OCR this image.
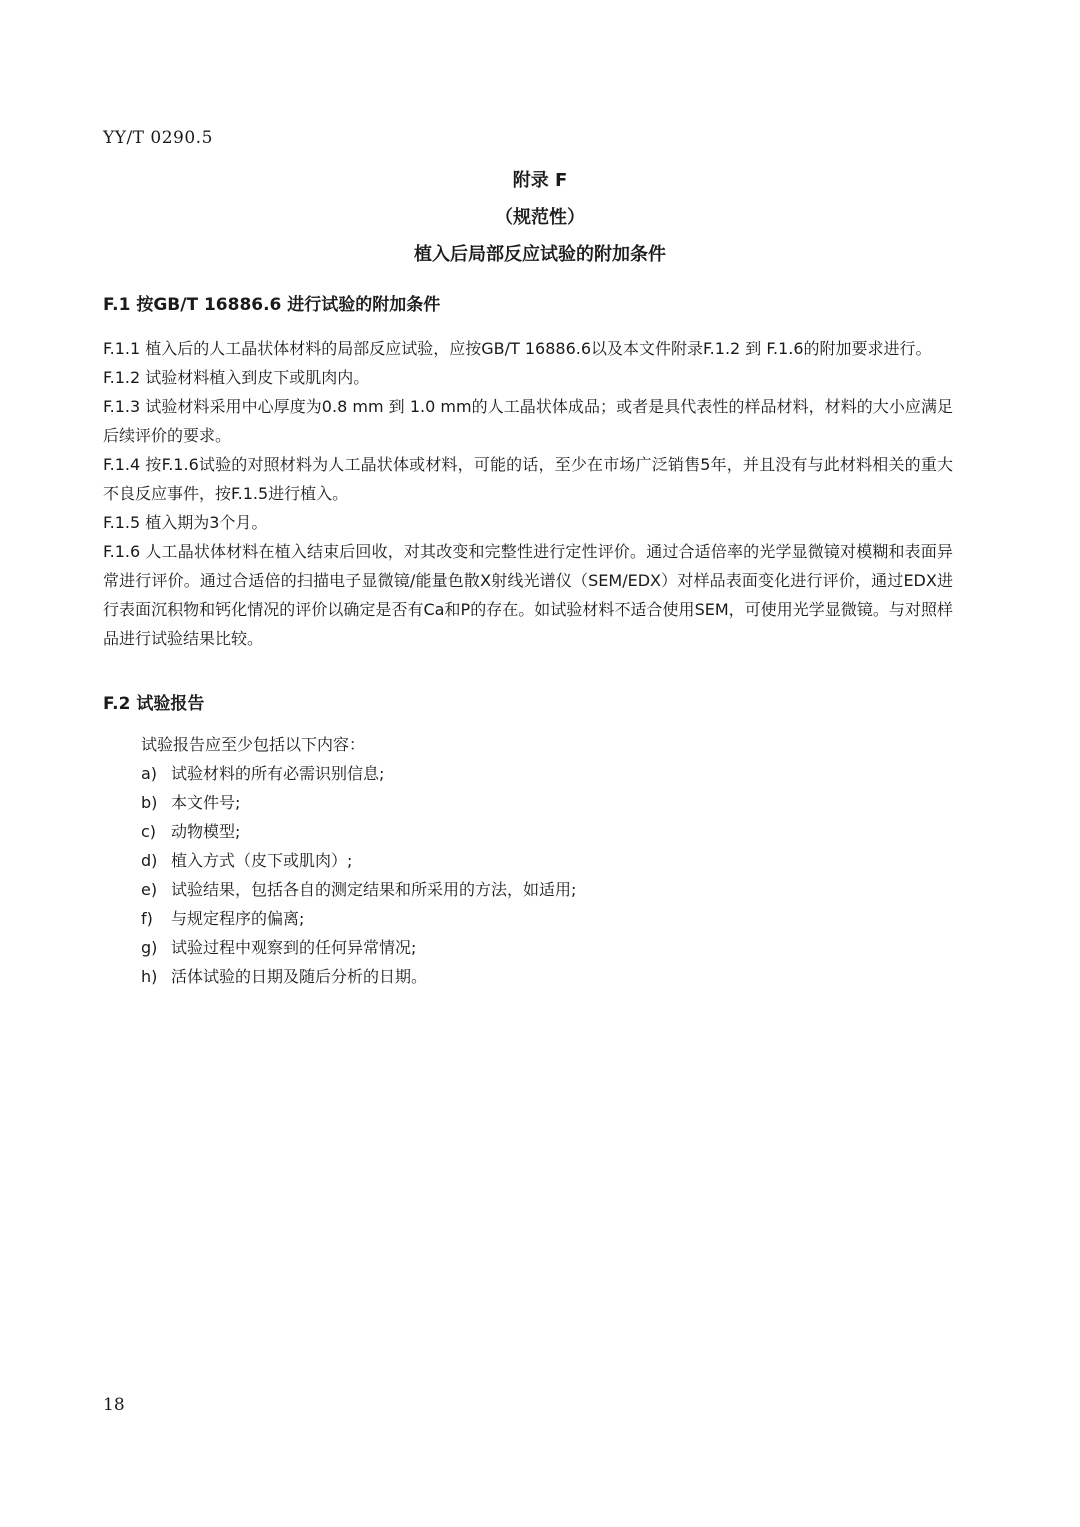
YY/T 0290.5
附录 F
（规范性）
植入后局部反应试验的附加条件
F.1 按GB/T 16886.6 进行试验的附加条件

F.1.1 植入后的人工晶状体材料的局部反应试验，应按GB/T 16886.6以及本文件附录F.1.2 到 F.1.6的附加要求进行。

F.1.2 试验材料植入到皮下或肌肉内。

F.1.3 试验材料采用中心厚度为0.8 mm 到 1.0 mm的人工晶状体成品；或者是具代表性的样品材料，材料的大小应满足后续评价的要求。

F.1.4 按F.1.6试验的对照材料为人工晶状体或材料，可能的话，至少在市场广泛销售5年，并且没有与此材料相关的重大不良反应事件，按F.1.5进行植入。

F.1.5 植入期为3个月。

F.1.6 人工晶状体材料在植入结束后回收，对其改变和完整性进行定性评价。通过合适倍率的光学显微镜对模糊和表面异常进行评价。通过合适倍的扫描电子显微镜/能量色散X射线光谱仪（SEM/EDX）对样品表面变化进行评价，通过EDX进行表面沉积物和钙化情况的评价以确定是否有Ca和P的存在。如试验材料不适合使用SEM，可使用光学显微镜。与对照样品进行试验结果比较。

F.2 试验报告

试验报告应至少包括以下内容：

a) 试验材料的所有必需识别信息;
b) 本文件号;
c) 动物模型;
d) 植入方式（皮下或肌肉）;
e) 试验结果，包括各自的测定结果和所采用的方法，如适用;
f)	与规定程序的偏离;
g) 试验过程中观察到的任何异常情况;
h) 活体试验的日期及随后分析的日期。
18
